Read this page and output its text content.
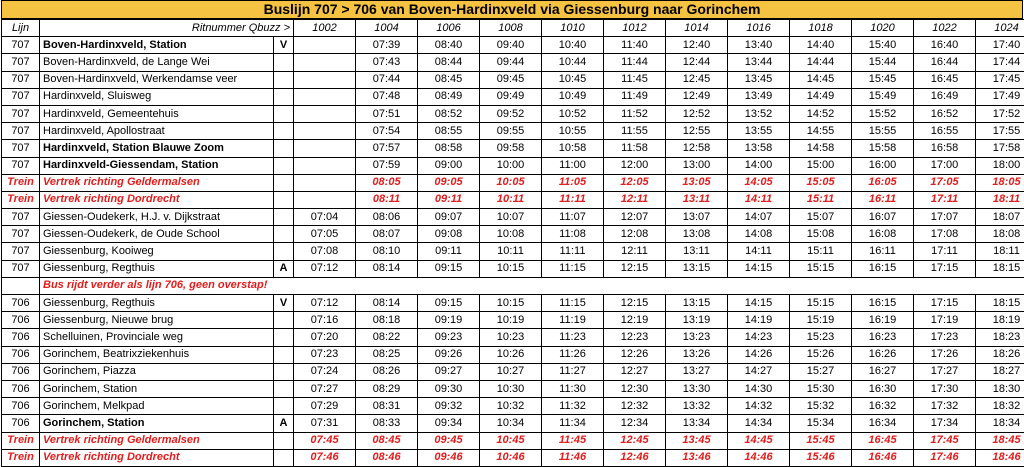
Buslijn 707 > 706 van Boven-Hardinxveld via Giessenburg naar Gorinchem
Lijn	Ritnummer Qbuzz >		1002	1004	1006	1008	1010	1012	1014	1016	1018	1020	1022	1024
707	Boven-Hardinxveld, Station	V		07:39	08:40	09:40	10:40	11:40	12:40	13:40	14:40	15:40	16:40	17:40
707	Boven-Hardinxveld, de Lange Wei			07:43	08:44	09:44	10:44	11:44	12:44	13:44	14:44	15:44	16:44	17:44
707	Boven-Hardinxveld, Werkendamse veer			07:44	08:45	09:45	10:45	11:45	12:45	13:45	14:45	15:45	16:45	17:45
707	Hardinxveld, Sluisweg			07:48	08:49	09:49	10:49	11:49	12:49	13:49	14:49	15:49	16:49	17:49
707	Hardinxveld, Gemeentehuis			07:51	08:52	09:52	10:52	11:52	12:52	13:52	14:52	15:52	16:52	17:52
707	Hardinxveld, Apollostraat			07:54	08:55	09:55	10:55	11:55	12:55	13:55	14:55	15:55	16:55	17:55
707	Hardinxveld, Station Blauwe Zoom			07:57	08:58	09:58	10:58	11:58	12:58	13:58	14:58	15:58	16:58	17:58
707	Hardinxveld-Giessendam, Station			07:59	09:00	10:00	11:00	12:00	13:00	14:00	15:00	16:00	17:00	18:00
Trein	Vertrek richting Geldermalsen			08:05	09:05	10:05	11:05	12:05	13:05	14:05	15:05	16:05	17:05	18:05
Trein	Vertrek richting Dordrecht			08:11	09:11	10:11	11:11	12:11	13:11	14:11	15:11	16:11	17:11	18:11
707	Giessen-Oudekerk, H.J. v. Dijkstraat		07:04	08:06	09:07	10:07	11:07	12:07	13:07	14:07	15:07	16:07	17:07	18:07
707	Giessen-Oudekerk, de Oude School		07:05	08:07	09:08	10:08	11:08	12:08	13:08	14:08	15:08	16:08	17:08	18:08
707	Giessenburg, Kooiweg		07:08	08:10	09:11	10:11	11:11	12:11	13:11	14:11	15:11	16:11	17:11	18:11
707	Giessenburg, Regthuis	A	07:12	08:14	09:15	10:15	11:15	12:15	13:15	14:15	15:15	16:15	17:15	18:15
	Bus rijdt verder als lijn 706, geen overstap!													
706	Giessenburg, Regthuis	V	07:12	08:14	09:15	10:15	11:15	12:15	13:15	14:15	15:15	16:15	17:15	18:15
706	Giessenburg, Nieuwe brug		07:16	08:18	09:19	10:19	11:19	12:19	13:19	14:19	15:19	16:19	17:19	18:19
706	Schelluinen, Provinciale weg		07:20	08:22	09:23	10:23	11:23	12:23	13:23	14:23	15:23	16:23	17:23	18:23
706	Gorinchem, Beatrixziekenhuis		07:23	08:25	09:26	10:26	11:26	12:26	13:26	14:26	15:26	16:26	17:26	18:26
706	Gorinchem, Piazza		07:24	08:26	09:27	10:27	11:27	12:27	13:27	14:27	15:27	16:27	17:27	18:27
706	Gorinchem, Station		07:27	08:29	09:30	10:30	11:30	12:30	13:30	14:30	15:30	16:30	17:30	18:30
706	Gorinchem, Melkpad		07:29	08:31	09:32	10:32	11:32	12:32	13:32	14:32	15:32	16:32	17:32	18:32
706	Gorinchem, Station	A	07:31	08:33	09:34	10:34	11:34	12:34	13:34	14:34	15:34	16:34	17:34	18:34
Trein	Vertrek richting Geldermalsen		07:45	08:45	09:45	10:45	11:45	12:45	13:45	14:45	15:45	16:45	17:45	18:45
Trein	Vertrek richting Dordrecht		07:46	08:46	09:46	10:46	11:46	12:46	13:46	14:46	15:46	16:46	17:46	18:46
